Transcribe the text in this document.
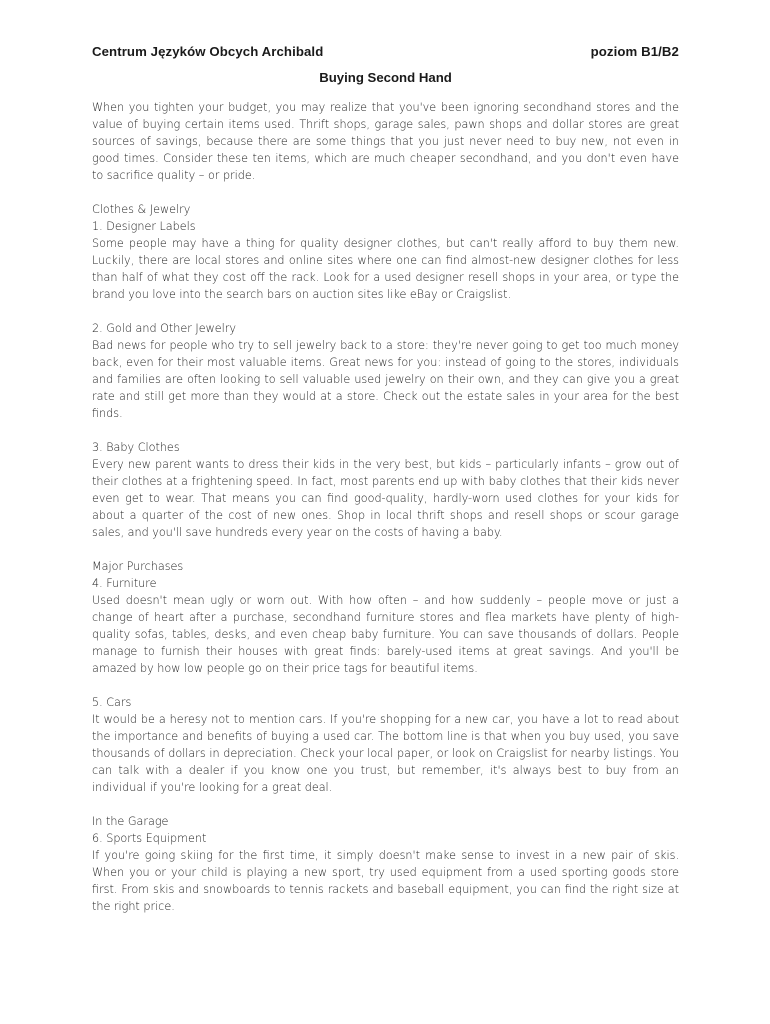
Centrum Języków Obcych Archibald	poziom B1/B2
Buying Second Hand

When you tighten your budget, you may realize that you've been ignoring secondhand stores and the value of buying certain items used. Thrift shops, garage sales, pawn shops and dollar stores are great sources of savings, because there are some things that you just never need to buy new, not even in good times. Consider these ten items, which are much cheaper secondhand, and you don't even have to sacrifice quality – or pride.

Clothes & Jewelry
1. Designer Labels

Some people may have a thing for quality designer clothes, but can't really afford to buy them new. Luckily, there are local stores and online sites where one can find almost-new designer clothes for less than half of what they cost off the rack. Look for a used designer resell shops in your area, or type the brand you love into the search bars on auction sites like eBay or Craigslist.

2. Gold and Other Jewelry

Bad news for people who try to sell jewelry back to a store: they're never going to get too much money back, even for their most valuable items. Great news for you: instead of going to the stores, individuals and families are often looking to sell valuable used jewelry on their own, and they can give you a great rate and still get more than they would at a store. Check out the estate sales in your area for the best finds.

3. Baby Clothes

Every new parent wants to dress their kids in the very best, but kids – particularly infants – grow out of their clothes at a frightening speed. In fact, most parents end up with baby clothes that their kids never even get to wear. That means you can find good-quality, hardly-worn used clothes for your kids for about a quarter of the cost of new ones. Shop in local thrift shops and resell shops or scour garage sales, and you'll save hundreds every year on the costs of having a baby.

Major Purchases
4. Furniture

Used doesn't mean ugly or worn out. With how often – and how suddenly – people move or just a change of heart after a purchase, secondhand furniture stores and flea markets have plenty of high-quality sofas, tables, desks, and even cheap baby furniture. You can save thousands of dollars. People manage to furnish their houses with great finds: barely-used items at great savings. And you'll be amazed by how low people go on their price tags for beautiful items.

5. Cars

It would be a heresy not to mention cars. If you're shopping for a new car, you have a lot to read about the importance and benefits of buying a used car. The bottom line is that when you buy used, you save thousands of dollars in depreciation. Check your local paper, or look on Craigslist for nearby listings. You can talk with a dealer if you know one you trust, but remember, it's always best to buy from an individual if you're looking for a great deal.

In the Garage
6. Sports Equipment

If you're going skiing for the first time, it simply doesn't make sense to invest in a new pair of skis. When you or your child is playing a new sport, try used equipment from a used sporting goods store first. From skis and snowboards to tennis rackets and baseball equipment, you can find the right size at the right price.
